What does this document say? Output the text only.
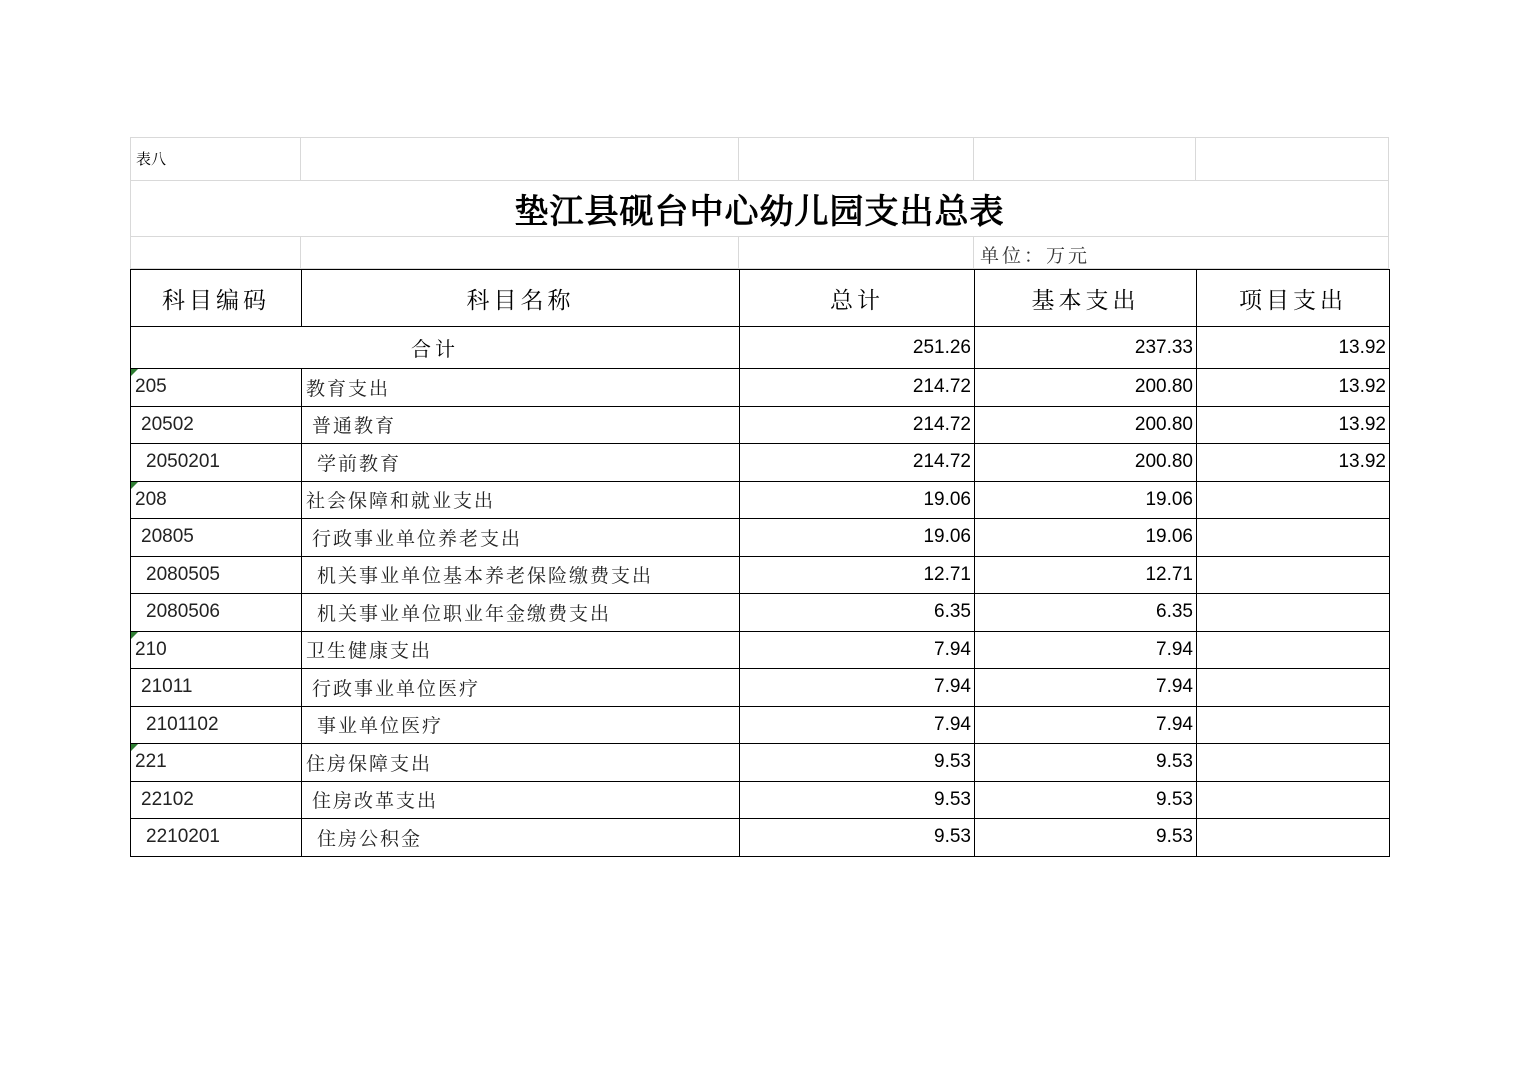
表八
垫江县砚台中心幼儿园支出总表
单位：万元
科目编码	科目名称	总计	基本支出	项目支出
合计		251.26	237.33	13.92

205	教育支出	214.72	200.80	13.92
20502	普通教育	214.72	200.80	13.92
2050201	学前教育	214.72	200.80	13.92

208	社会保障和就业支出	19.06	19.06	
20805	行政事业单位养老支出	19.06	19.06	
2080505	机关事业单位基本养老保险缴费支出	12.71	12.71	
2080506	机关事业单位职业年金缴费支出	6.35	6.35	

210	卫生健康支出	7.94	7.94	
21011	行政事业单位医疗	7.94	7.94	
2101102	事业单位医疗	7.94	7.94	

221	住房保障支出	9.53	9.53	
22102	住房改革支出	9.53	9.53	
2210201	住房公积金	9.53	9.53	
